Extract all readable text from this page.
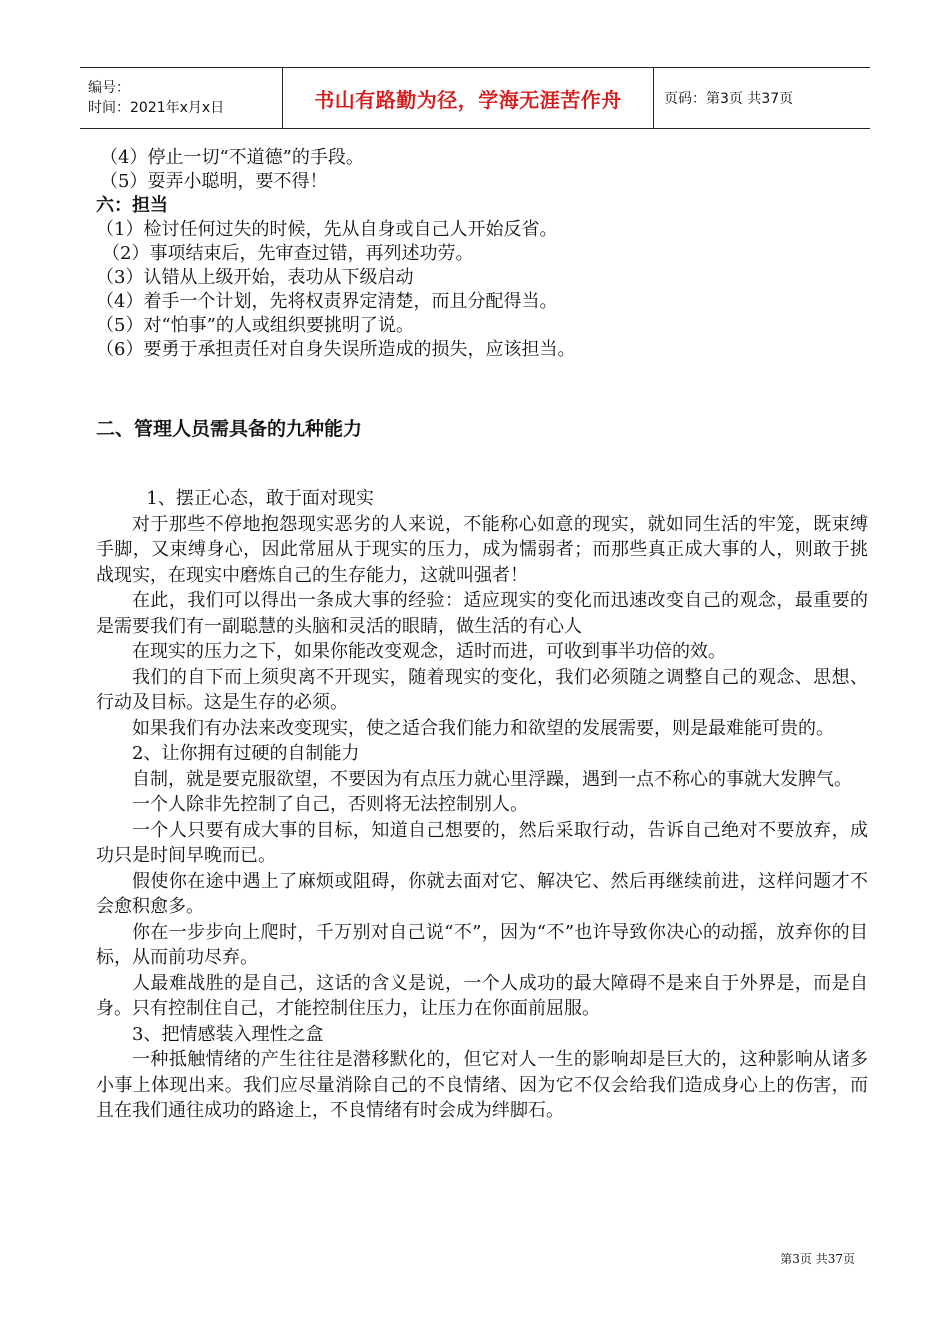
编号：
时间：2021年x月x日	书山有路勤为径，学海无涯苦作舟	页码：第3页 共37页
（4）停止一切“不道德”的手段。
（5）耍弄小聪明，要不得！
六：担当
（1）检讨任何过失的时候，先从自身或自己人开始反省。
（2）事项结束后，先审查过错，再列述功劳。
（3）认错从上级开始，表功从下级启动
（4）着手一个计划，先将权责界定清楚，而且分配得当。
（5）对“怕事”的人或组织要挑明了说。
（6）要勇于承担责任对自身失误所造成的损失，应该担当。
二、管理人员需具备的九种能力
1、摆正心态，敢于面对现实
对于那些不停地抱怨现实恶劣的人来说，不能称心如意的现实，就如同生活的牢笼，既束缚手脚，又束缚身心，因此常屈从于现实的压力，成为懦弱者；而那些真正成大事的人，则敢于挑战现实，在现实中磨炼自己的生存能力，这就叫强者！
在此，我们可以得出一条成大事的经验：适应现实的变化而迅速改变自己的观念，最重要的是需要我们有一副聪慧的头脑和灵活的眼睛，做生活的有心人
在现实的压力之下，如果你能改变观念，适时而进，可收到事半功倍的效。
我们的自下而上须臾离不开现实，随着现实的变化，我们必须随之调整自己的观念、思想、行动及目标。这是生存的必须。
如果我们有办法来改变现实，使之适合我们能力和欲望的发展需要，则是最难能可贵的。
2、让你拥有过硬的自制能力
自制，就是要克服欲望，不要因为有点压力就心里浮躁，遇到一点不称心的事就大发脾气。
一个人除非先控制了自己，否则将无法控制别人。
一个人只要有成大事的目标，知道自己想要的，然后采取行动，告诉自己绝对不要放弃，成功只是时间早晚而已。
假使你在途中遇上了麻烦或阻碍，你就去面对它、解决它、然后再继续前进，这样问题才不会愈积愈多。
你在一步步向上爬时，千万别对自己说“不”，因为“不”也许导致你决心的动摇，放弃你的目标，从而前功尽弃。
人最难战胜的是自己，这话的含义是说，一个人成功的最大障碍不是来自于外界是，而是自身。只有控制住自己，才能控制住压力，让压力在你面前屈服。
3、把情感装入理性之盒
一种抵触情绪的产生往往是潜移默化的，但它对人一生的影响却是巨大的，这种影响从诸多小事上体现出来。我们应尽量消除自己的不良情绪、因为它不仅会给我们造成身心上的伤害，而且在我们通往成功的路途上，不良情绪有时会成为绊脚石。
第3页 共37页
